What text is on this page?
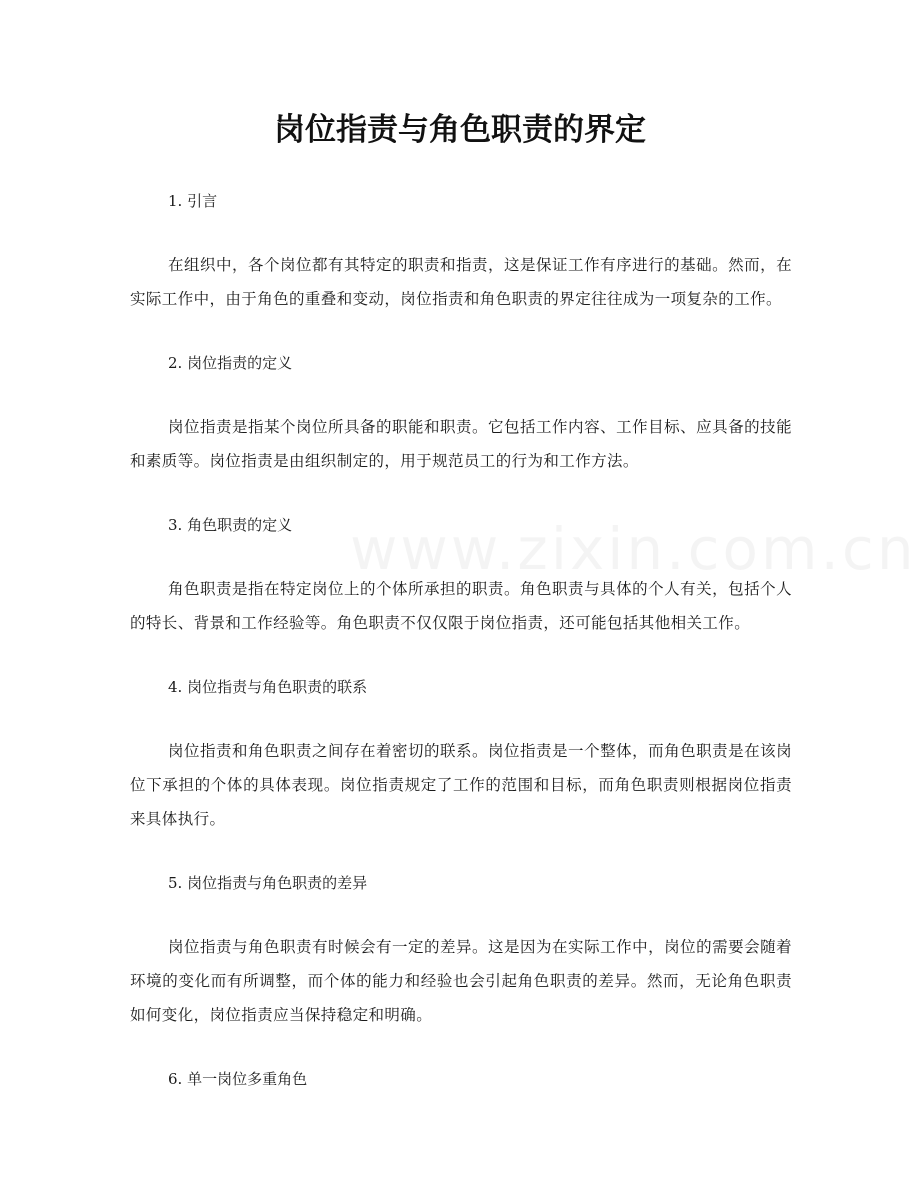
岗位指责与角色职责的界定

1. 引言

在组织中，各个岗位都有其特定的职责和指责，这是保证工作有序进行的基础。然而，在实际工作中，由于角色的重叠和变动，岗位指责和角色职责的界定往往成为一项复杂的工作。

2. 岗位指责的定义

岗位指责是指某个岗位所具备的职能和职责。它包括工作内容、工作目标、应具备的技能和素质等。岗位指责是由组织制定的，用于规范员工的行为和工作方法。

3. 角色职责的定义

角色职责是指在特定岗位上的个体所承担的职责。角色职责与具体的个人有关，包括个人的特长、背景和工作经验等。角色职责不仅仅限于岗位指责，还可能包括其他相关工作。

4. 岗位指责与角色职责的联系

岗位指责和角色职责之间存在着密切的联系。岗位指责是一个整体，而角色职责是在该岗位下承担的个体的具体表现。岗位指责规定了工作的范围和目标，而角色职责则根据岗位指责来具体执行。

5. 岗位指责与角色职责的差异

岗位指责与角色职责有时候会有一定的差异。这是因为在实际工作中，岗位的需要会随着环境的变化而有所调整，而个体的能力和经验也会引起角色职责的差异。然而，无论角色职责如何变化，岗位指责应当保持稳定和明确。

6. 单一岗位多重角色
